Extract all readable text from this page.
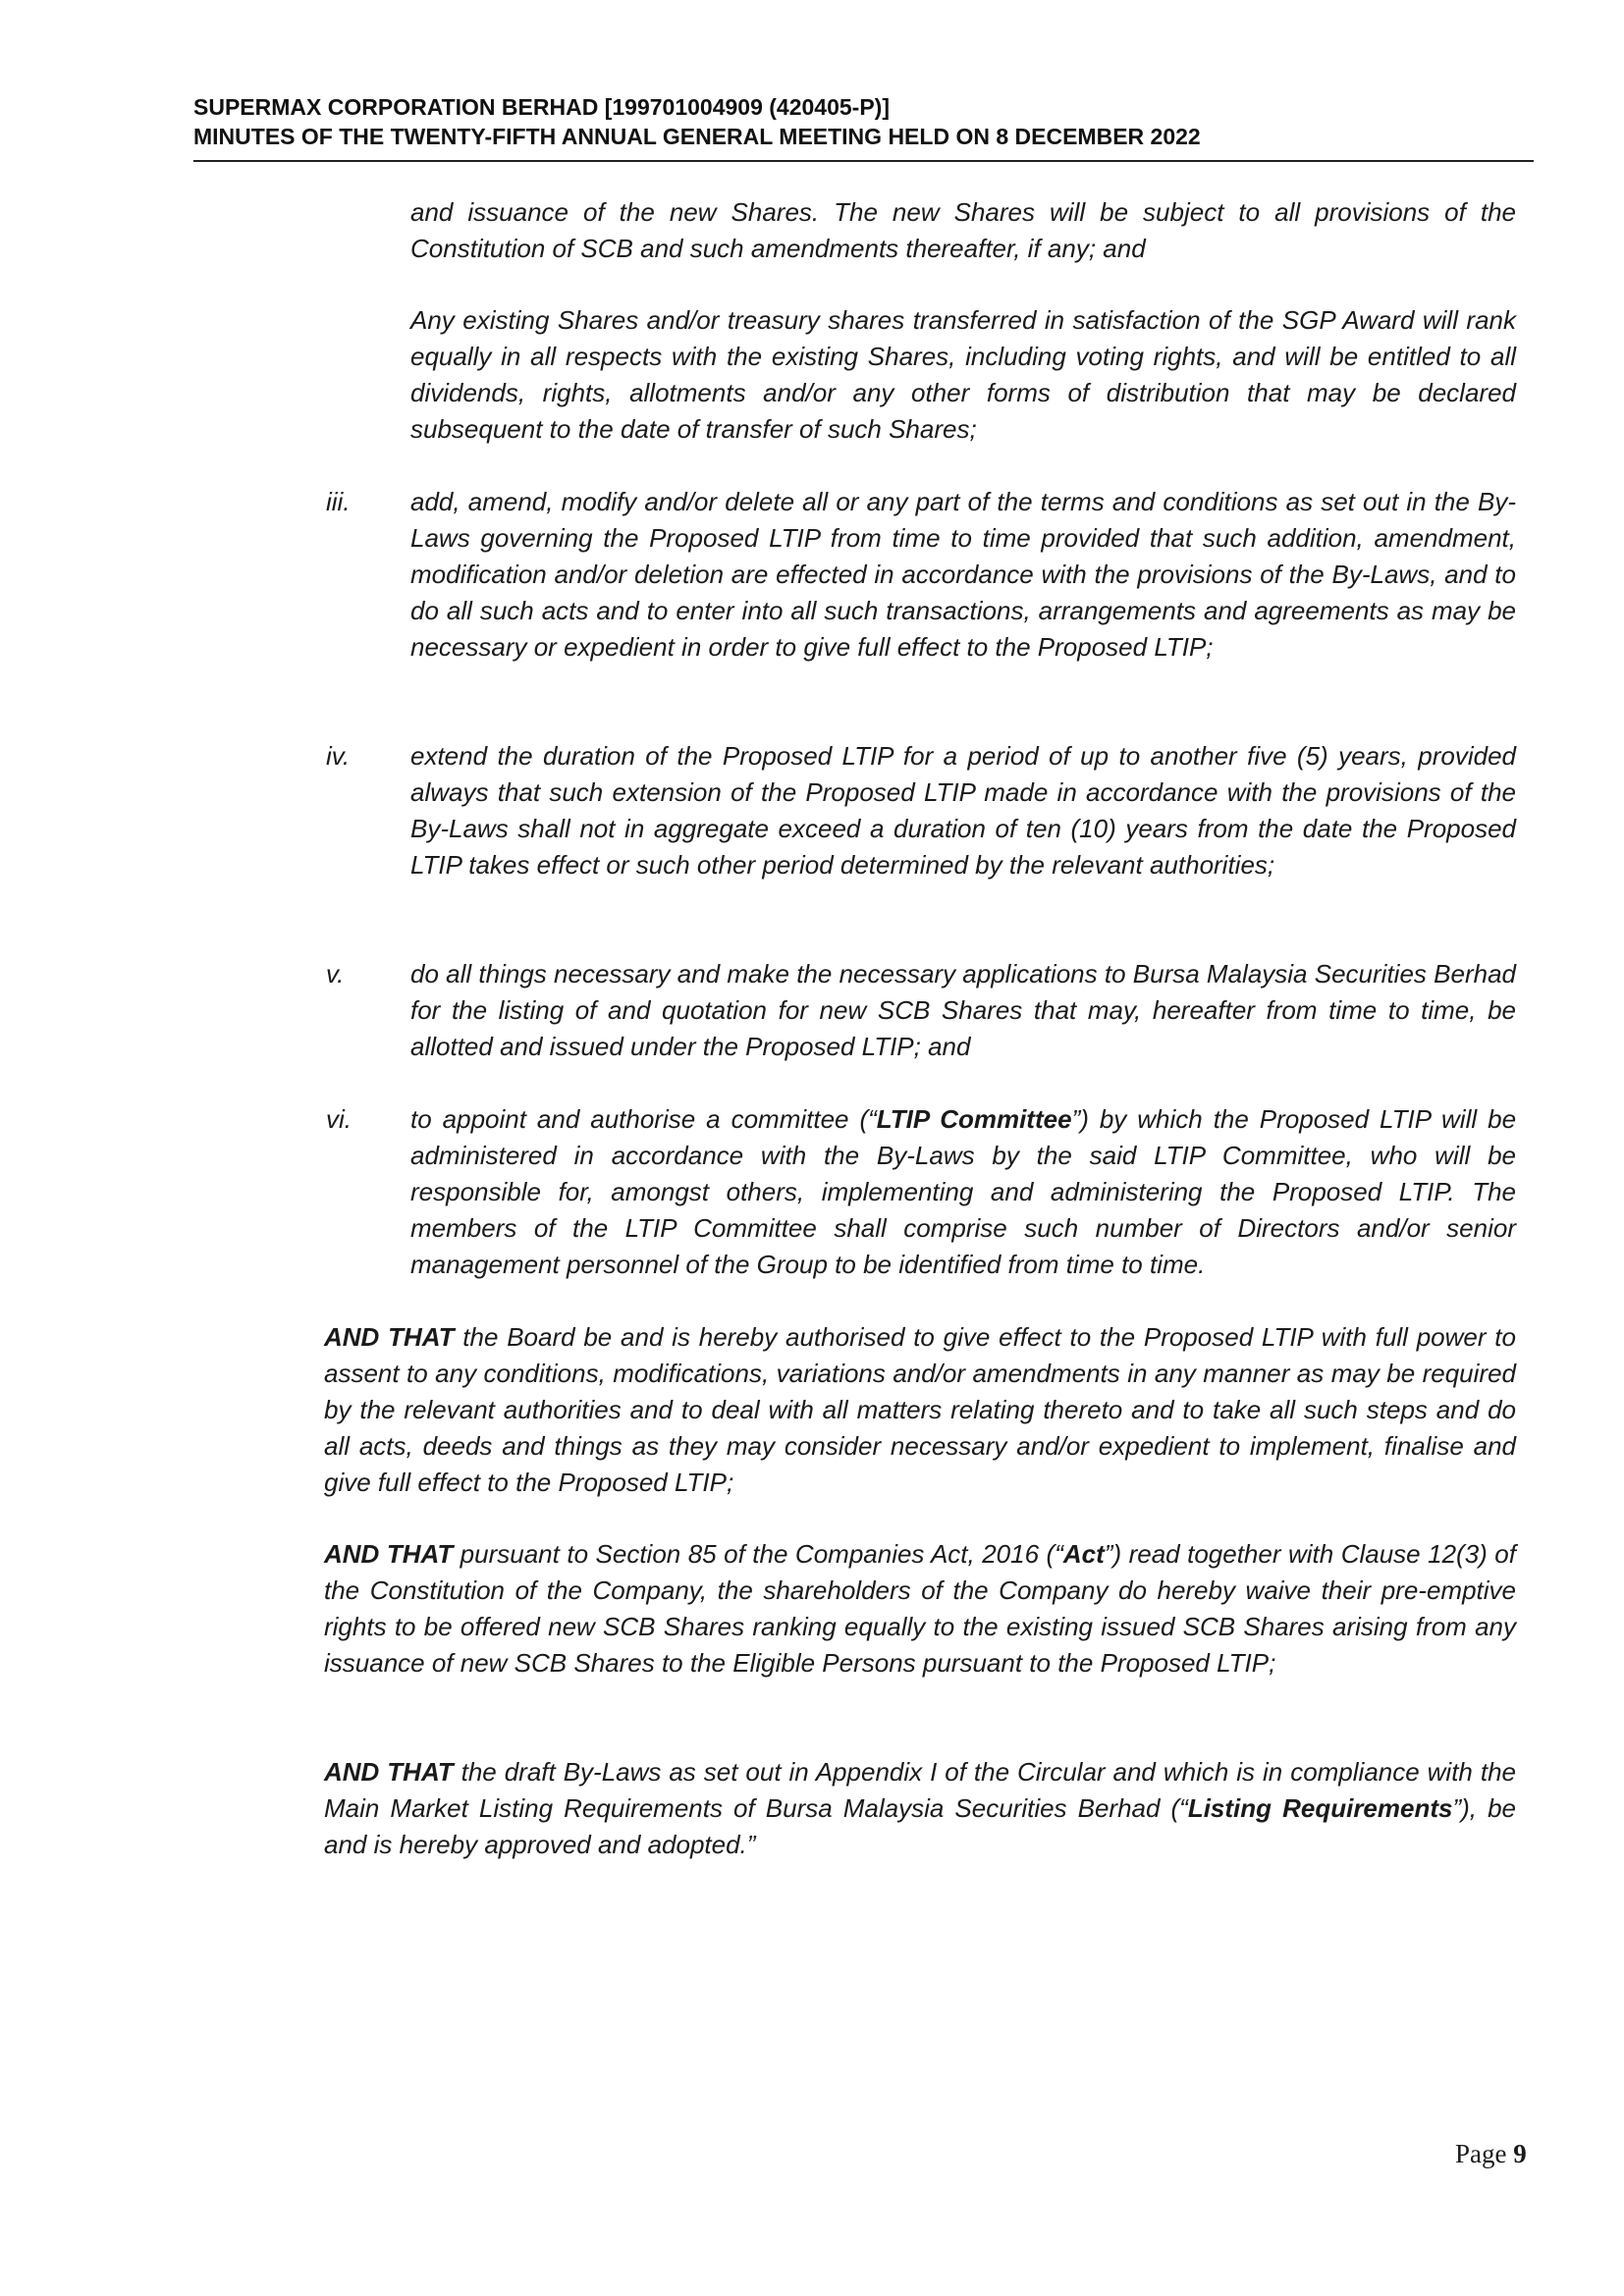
SUPERMAX CORPORATION BERHAD [199701004909 (420405-P)]
MINUTES OF THE TWENTY-FIFTH ANNUAL GENERAL MEETING HELD ON 8 DECEMBER 2022
and issuance of the new Shares. The new Shares will be subject to all provisions of the Constitution of SCB and such amendments thereafter, if any; and
Any existing Shares and/or treasury shares transferred in satisfaction of the SGP Award will rank equally in all respects with the existing Shares, including voting rights, and will be entitled to all dividends, rights, allotments and/or any other forms of distribution that may be declared subsequent to the date of transfer of such Shares;
iii. add, amend, modify and/or delete all or any part of the terms and conditions as set out in the By-Laws governing the Proposed LTIP from time to time provided that such addition, amendment, modification and/or deletion are effected in accordance with the provisions of the By-Laws, and to do all such acts and to enter into all such transactions, arrangements and agreements as may be necessary or expedient in order to give full effect to the Proposed LTIP;
iv. extend the duration of the Proposed LTIP for a period of up to another five (5) years, provided always that such extension of the Proposed LTIP made in accordance with the provisions of the By-Laws shall not in aggregate exceed a duration of ten (10) years from the date the Proposed LTIP takes effect or such other period determined by the relevant authorities;
v.	do all things necessary and make the necessary applications to Bursa Malaysia Securities Berhad for the listing of and quotation for new SCB Shares that may, hereafter from time to time, be allotted and issued under the Proposed LTIP; and
vi. to appoint and authorise a committee (“LTIP Committee”) by which the Proposed LTIP will be administered in accordance with the By-Laws by the said LTIP Committee, who will be responsible for, amongst others, implementing and administering the Proposed LTIP. The members of the LTIP Committee shall comprise such number of Directors and/or senior management personnel of the Group to be identified from time to time.
AND THAT the Board be and is hereby authorised to give effect to the Proposed LTIP with full power to assent to any conditions, modifications, variations and/or amendments in any manner as may be required by the relevant authorities and to deal with all matters relating thereto and to take all such steps and do all acts, deeds and things as they may consider necessary and/or expedient to implement, finalise and give full effect to the Proposed LTIP;
AND THAT pursuant to Section 85 of the Companies Act, 2016 (“Act”) read together with Clause 12(3) of the Constitution of the Company, the shareholders of the Company do hereby waive their pre-emptive rights to be offered new SCB Shares ranking equally to the existing issued SCB Shares arising from any issuance of new SCB Shares to the Eligible Persons pursuant to the Proposed LTIP;
AND THAT the draft By-Laws as set out in Appendix I of the Circular and which is in compliance with the Main Market Listing Requirements of Bursa Malaysia Securities Berhad (“Listing Requirements”), be and is hereby approved and adopted.”
Page 9
